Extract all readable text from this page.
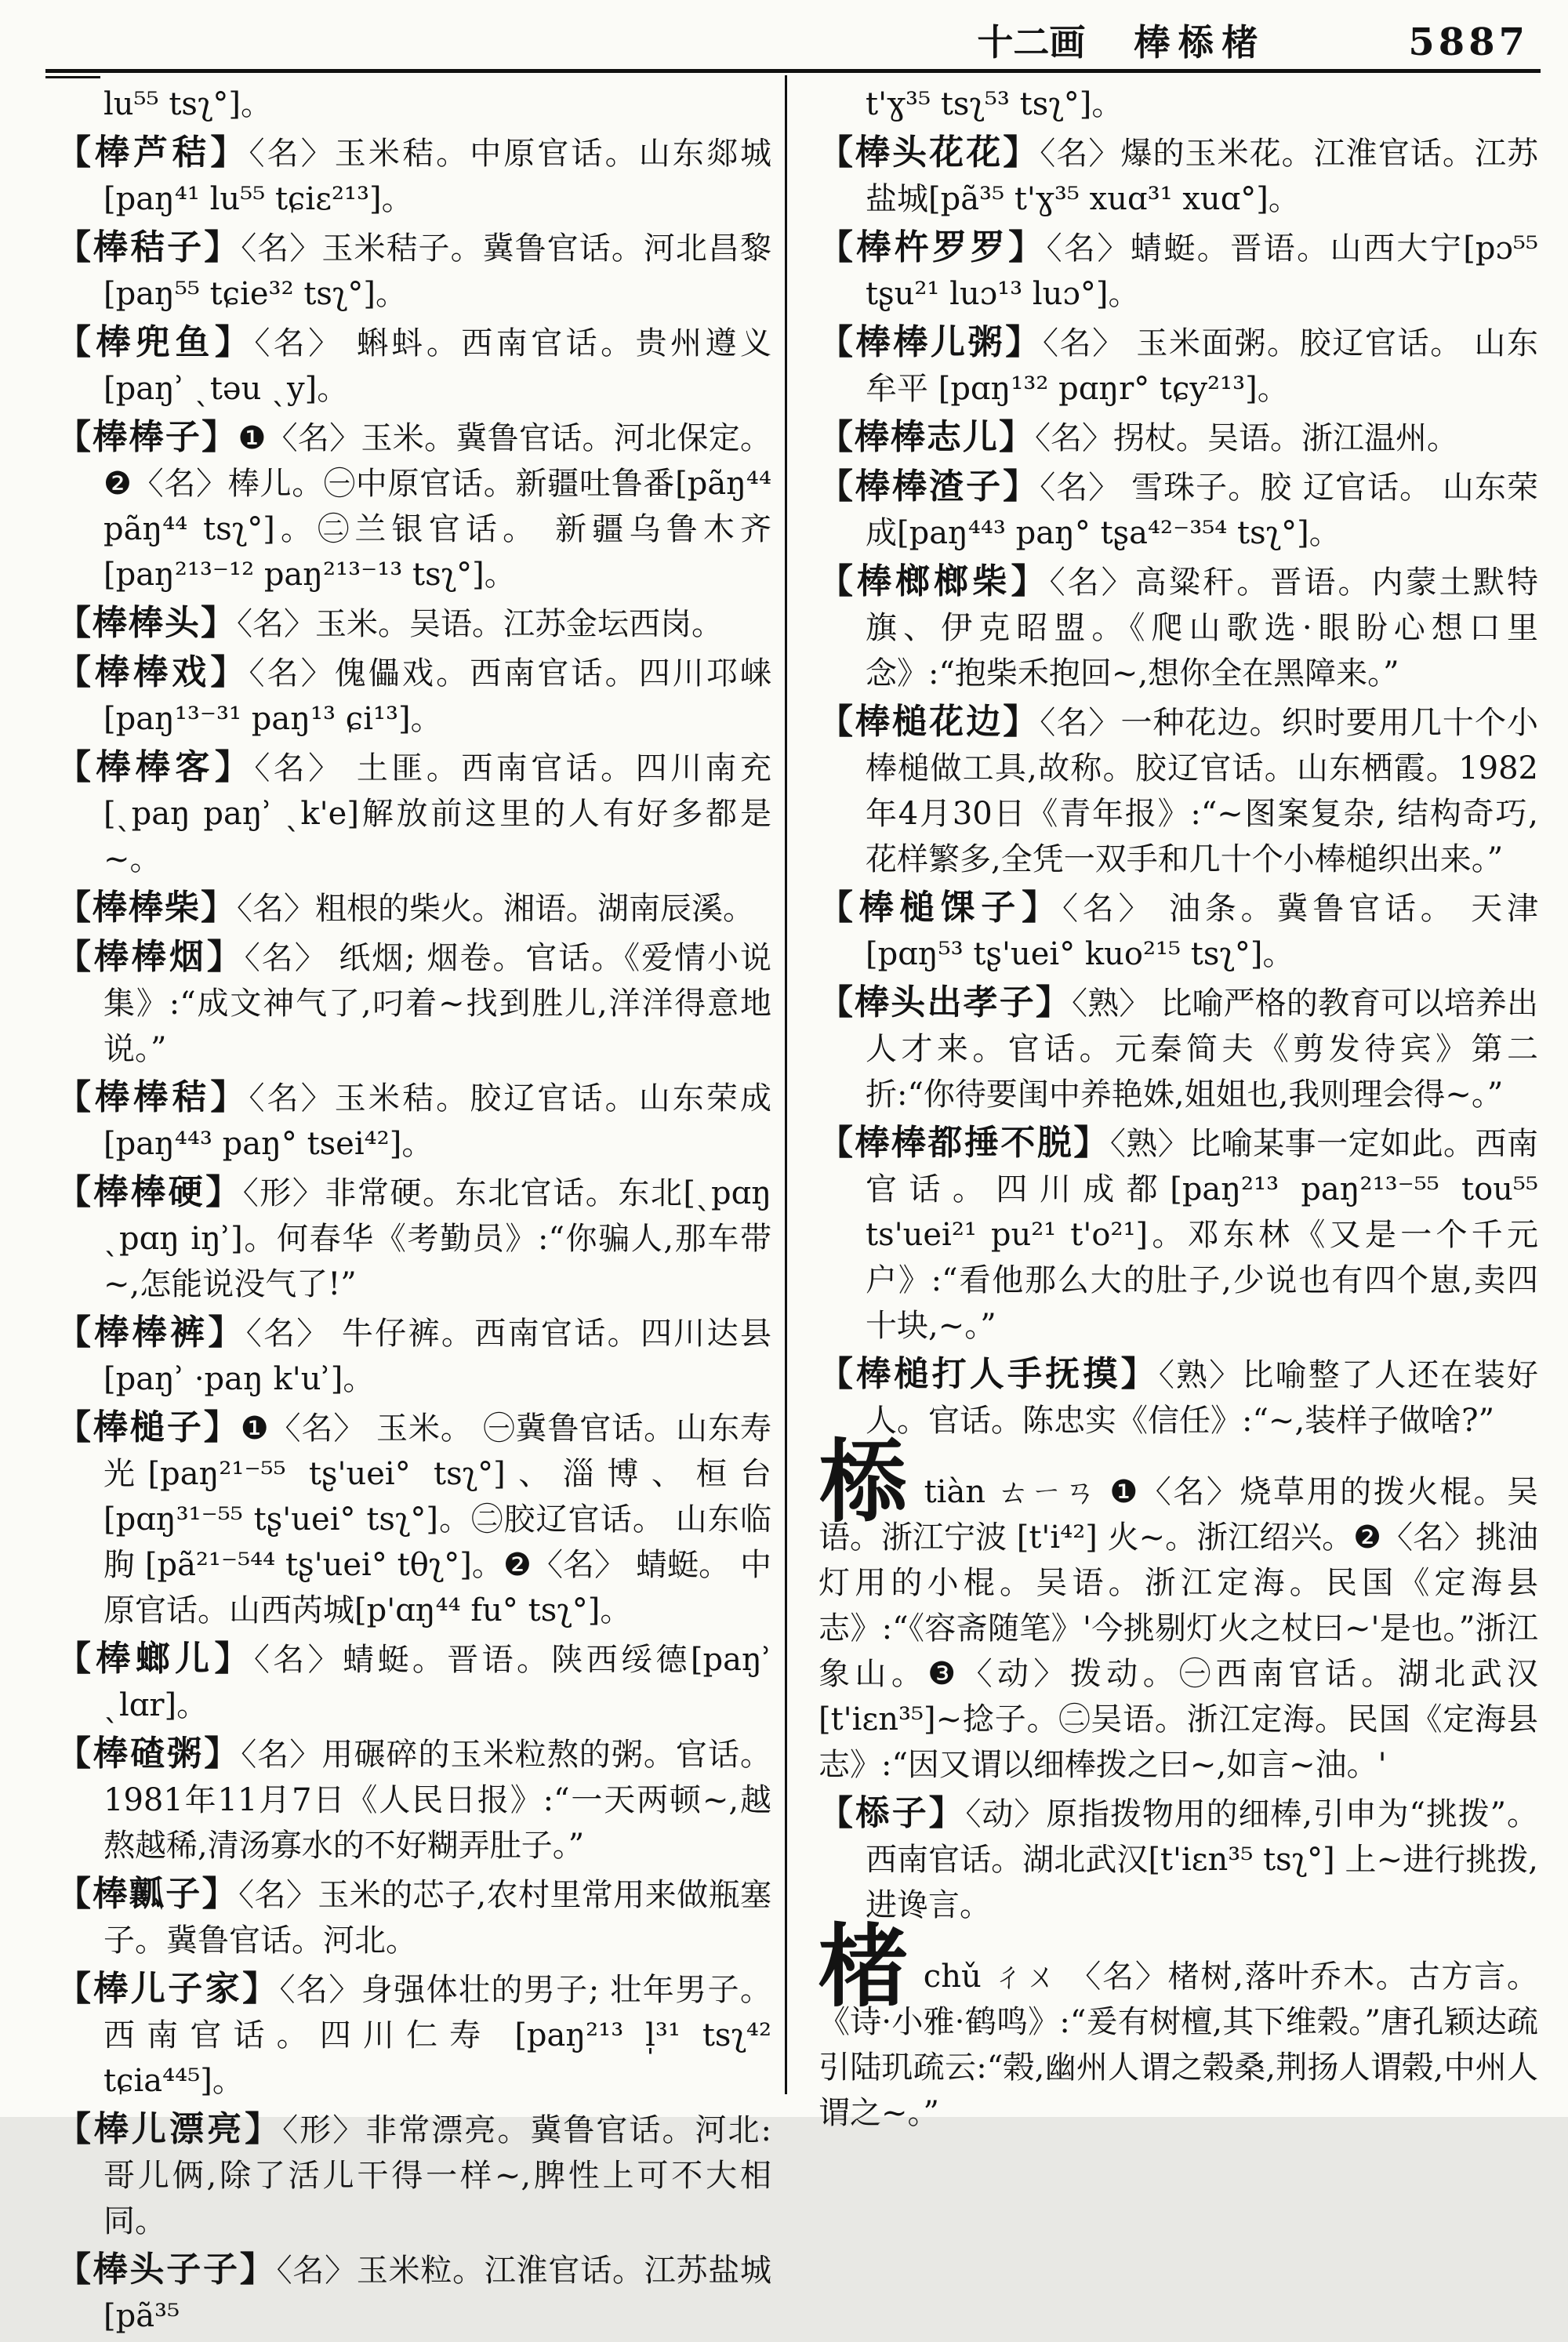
十二画 棒㮇楮	5887
lu⁵⁵ tsʅ°]。
【棒芦秸】〈名〉玉米秸。中原官话。山东郯城[paŋ⁴¹ lu⁵⁵ tɕiɛ²¹³]。
【棒秸子】〈名〉玉米秸子。冀鲁官话。河北昌黎[paŋ⁵⁵ tɕie³² tsʅ°]。
【棒兜鱼】〈名〉 蝌蚪。西南官话。贵州遵义 [paŋʾ ˎtəu ˎy]。
【棒棒子】❶〈名〉玉米。冀鲁官话。河北保定。❷〈名〉棒儿。㊀中原官话。新疆吐鲁番[pãŋ⁴⁴ pãŋ⁴⁴ tsʅ°]。㊁兰银官话。 新疆乌鲁木齐 [paŋ²¹³⁻¹² paŋ²¹³⁻¹³ tsʅ°]。
【棒棒头】〈名〉玉米。吴语。江苏金坛西岗。
【棒棒戏】〈名〉傀儡戏。西南官话。四川邛崃[paŋ¹³⁻³¹ paŋ¹³ ɕi¹³]。
【棒棒客】〈名〉 土匪。西南官话。四川南充 [ˎpaŋ paŋʾ ˎk'e]解放前这里的人有好多都是~。
【棒棒柴】〈名〉粗根的柴火。湘语。湖南辰溪。
【棒棒烟】〈名〉 纸烟; 烟卷。官话。《爱情小说集》:“成文神气了,叼着~找到胜儿,洋洋得意地说。”
【棒棒秸】〈名〉玉米秸。胶辽官话。山东荣成[paŋ⁴⁴³ paŋ° tsei⁴²]。
【棒棒硬】〈形〉非常硬。东北官话。东北[ˎpɑŋ ˎpɑŋ iŋʾ]。何春华《考勤员》:“你骗人,那车带~,怎能说没气了!”
【棒棒裤】〈名〉 牛仔裤。西南官话。四川达县 [paŋʾ ·paŋ k'uʾ]。
【棒槌子】❶〈名〉 玉米。 ㊀冀鲁官话。山东寿光[paŋ²¹⁻⁵⁵ tʂ'uei° tsʅ°]、淄博、桓台 [pɑŋ³¹⁻⁵⁵ tʂ'uei° tsʅ°]。㊁胶辽官话。 山东临朐 [pã²¹⁻⁵⁴⁴ tʂ'uei° tθʅ°]。❷〈名〉 蜻蜓。 中原官话。山西芮城[p'ɑŋ⁴⁴ fu° tsʅ°]。
【棒螂儿】〈名〉蜻蜓。晋语。陕西绥德[paŋʾ ˎlɑr]。
【棒碴粥】〈名〉用碾碎的玉米粒熬的粥。官话。1981年11月7日《人民日报》:“一天两顿~,越熬越稀,清汤寡水的不好糊弄肚子。”
【棒瓤子】〈名〉玉米的芯子,农村里常用来做瓶塞子。冀鲁官话。河北。
【棒儿子家】〈名〉身强体壮的男子; 壮年男子。西南官话。四川仁寿 [paŋ²¹³ l̩³¹ tsʅ⁴² tɕia⁴⁴⁵]。
【棒儿漂亮】〈形〉非常漂亮。冀鲁官话。河北: 哥儿俩,除了活儿干得一样~,脾性上可不大相同。
【棒头子子】〈名〉玉米粒。江淮官话。江苏盐城[pã³⁵
t'ɣ³⁵ tsʅ⁵³ tsʅ°]。
【棒头花花】〈名〉爆的玉米花。江淮官话。江苏盐城[pã³⁵ t'ɣ³⁵ xuɑ³¹ xuɑ°]。
【棒杵罗罗】〈名〉蜻蜓。晋语。山西大宁[pɔ⁵⁵ tʂu²¹ luɔ¹³ luɔ°]。
【棒棒儿粥】〈名〉 玉米面粥。胶辽官话。 山东牟平 [pɑŋ¹³² pɑŋr° tɕy²¹³]。
【棒棒志儿】〈名〉拐杖。吴语。浙江温州。
【棒棒渣子】〈名〉 雪珠子。胶 辽官话。 山东荣成[paŋ⁴⁴³ paŋ° tʂa⁴²⁻³⁵⁴ tsʅ°]。
【棒榔榔柴】〈名〉高粱秆。晋语。内蒙土默特旗、伊克昭盟。《爬山歌选·眼盼心想口里念》:“抱柴禾抱回~,想你全在黑障来。”
【棒槌花边】〈名〉一种花边。织时要用几十个小棒槌做工具,故称。胶辽官话。山东栖霞。1982年4月30日《青年报》:“~图案复杂, 结构奇巧,花样繁多,全凭一双手和几十个小棒槌织出来。”
【棒槌馃子】〈名〉 油条。冀鲁官话。 天津 [pɑŋ⁵³ tʂ'uei° kuo²¹⁵ tsʅ°]。
【棒头出孝子】〈熟〉 比喻严格的教育可以培养出人才来。官话。元秦简夫《剪发待宾》第二折:“你待要闺中养艳姝,姐姐也,我则理会得~。”
【棒棒都捶不脱】〈熟〉比喻某事一定如此。西南官话。四川成都[paŋ²¹³ paŋ²¹³⁻⁵⁵ tou⁵⁵ ts'uei²¹ pu²¹ t'o²¹]。邓东林《又是一个千元户》:“看他那么大的肚子,少说也有四个崽,卖四十块,~。”
【棒槌打人手抚摸】〈熟〉比喻整了人还在装好人。官话。陈忠实《信任》:“~,装样子做啥?”
㮇tiàn ㄊㄧㄢ ❶〈名〉烧草用的拨火棍。吴 语。浙江宁波 [t'i⁴²] 火~。浙江绍兴。❷〈名〉挑油灯用的小棍。吴语。浙江定海。民国《定海县志》:“《容斋随笔》'今挑剔灯火之杖曰~'是也。”浙江象山。❸〈动〉拨动。㊀西南官话。湖北武汉[t'iɛn³⁵]~捻子。㊁吴语。浙江定海。民国《定海县志》:“因又谓以细棒拨之曰~,如言~油。'
【㮇子】〈动〉原指拨物用的细棒,引申为“挑拨”。西南官话。湖北武汉[t'iɛn³⁵ tsʅ°] 上~进行挑拨,进谗言。
楮chǔ ㄔㄨ 〈名〉楮树,落叶乔木。古方言。《诗·小雅·鹤鸣》:“爰有树檀,其下维榖。”唐孔颖达疏引陆玑疏云:“榖,幽州人谓之榖桑,荆扬人谓榖,中州人谓之~。”
